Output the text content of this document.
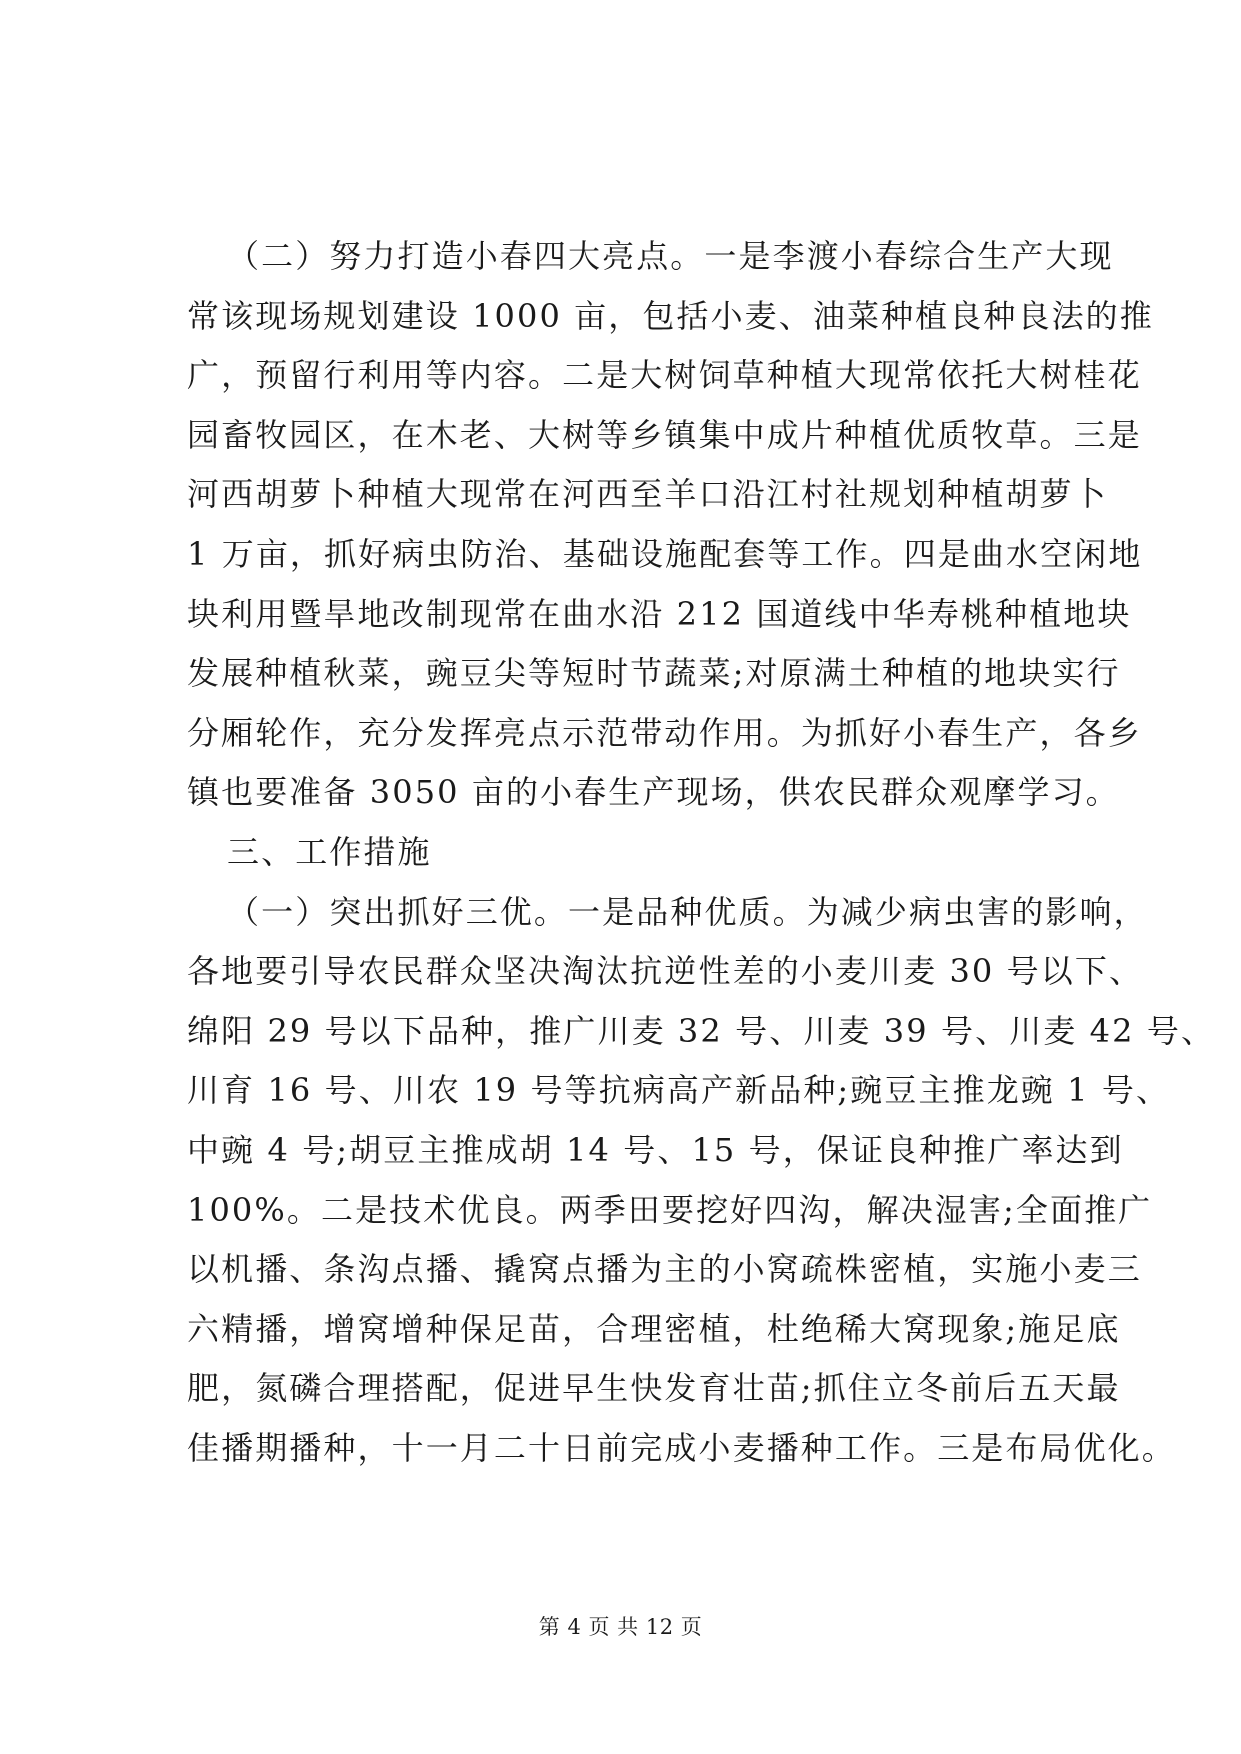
（二）努力打造小春四大亮点。一是李渡小春综合生产大现
常该现场规划建设 1000 亩，包括小麦、油菜种植良种良法的推
广，预留行利用等内容。二是大树饲草种植大现常依托大树桂花
园畜牧园区，在木老、大树等乡镇集中成片种植优质牧草。三是
河西胡萝卜种植大现常在河西至羊口沿江村社规划种植胡萝卜
1 万亩，抓好病虫防治、基础设施配套等工作。四是曲水空闲地
块利用暨旱地改制现常在曲水沿 212 国道线中华寿桃种植地块
发展种植秋菜，豌豆尖等短时节蔬菜;对原满土种植的地块实行
分厢轮作，充分发挥亮点示范带动作用。为抓好小春生产，各乡
镇也要准备 3050 亩的小春生产现场，供农民群众观摩学习。
三、工作措施
（一）突出抓好三优。一是品种优质。为减少病虫害的影响，
各地要引导农民群众坚决淘汰抗逆性差的小麦川麦 30 号以下、
绵阳 29 号以下品种，推广川麦 32 号、川麦 39 号、川麦 42 号、
川育 16 号、川农 19 号等抗病高产新品种;豌豆主推龙豌 1 号、
中豌 4 号;胡豆主推成胡 14 号、15 号，保证良种推广率达到
100%。二是技术优良。两季田要挖好四沟，解决湿害;全面推广
以机播、条沟点播、撬窝点播为主的小窝疏株密植，实施小麦三
六精播，增窝增种保足苗，合理密植，杜绝稀大窝现象;施足底
肥，氮磷合理搭配，促进早生快发育壮苗;抓住立冬前后五天最
佳播期播种，十一月二十日前完成小麦播种工作。三是布局优化。
第 4 页 共 12 页
